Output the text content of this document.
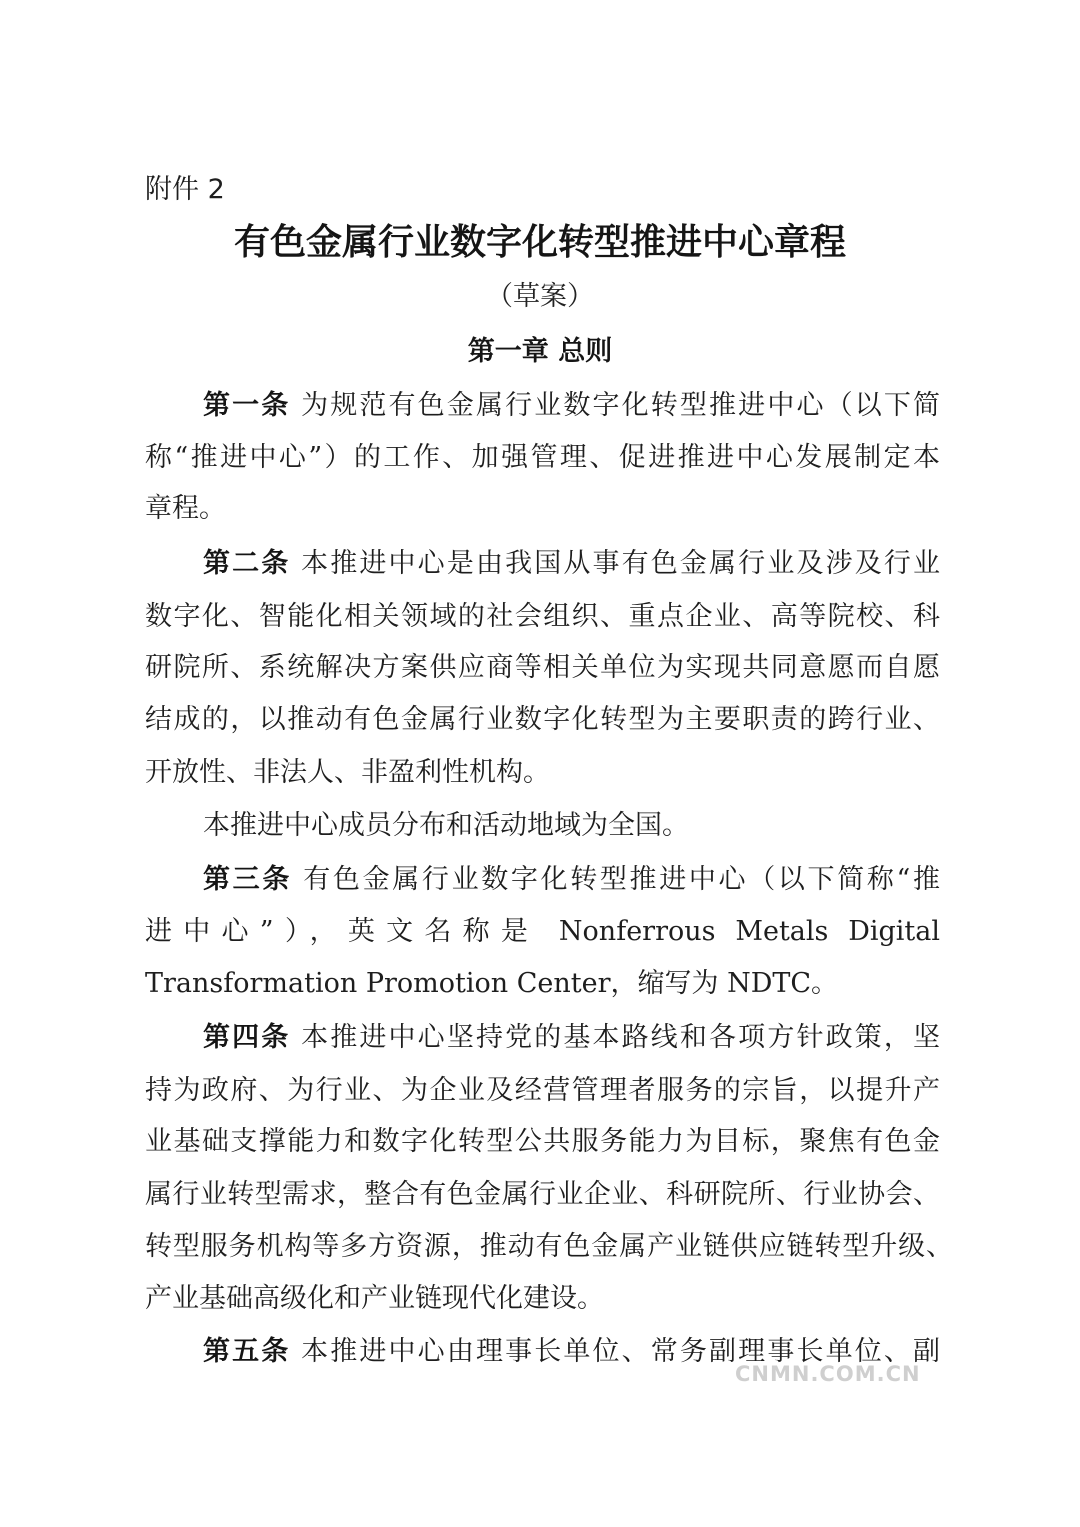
附件 2
有色金属行业数字化转型推进中心章程
（草案）
第一章 总则
第一条 为规范有色金属行业数字化转型推进中心（以下简
称“推进中心”）的工作、加强管理、促进推进中心发展制定本
章程。
第二条 本推进中心是由我国从事有色金属行业及涉及行业
数字化、智能化相关领域的社会组织、重点企业、高等院校、科
研院所、系统解决方案供应商等相关单位为实现共同意愿而自愿
结成的，以推动有色金属行业数字化转型为主要职责的跨行业、
开放性、非法人、非盈利性机构。
本推进中心成员分布和活动地域为全国。
第三条 有色金属行业数字化转型推进中心（以下简称“推
进中心”），英文名称是 Nonferrous Metals Digital
Transformation Promotion Center，缩写为 NDTC。
第四条 本推进中心坚持党的基本路线和各项方针政策，坚
持为政府、为行业、为企业及经营管理者服务的宗旨，以提升产
业基础支撑能力和数字化转型公共服务能力为目标，聚焦有色金
属行业转型需求，整合有色金属行业企业、科研院所、行业协会、
转型服务机构等多方资源，推动有色金属产业链供应链转型升级、
产业基础高级化和产业链现代化建设。
第五条 本推进中心由理事长单位、常务副理事长单位、副
CNMN.COM.CN
